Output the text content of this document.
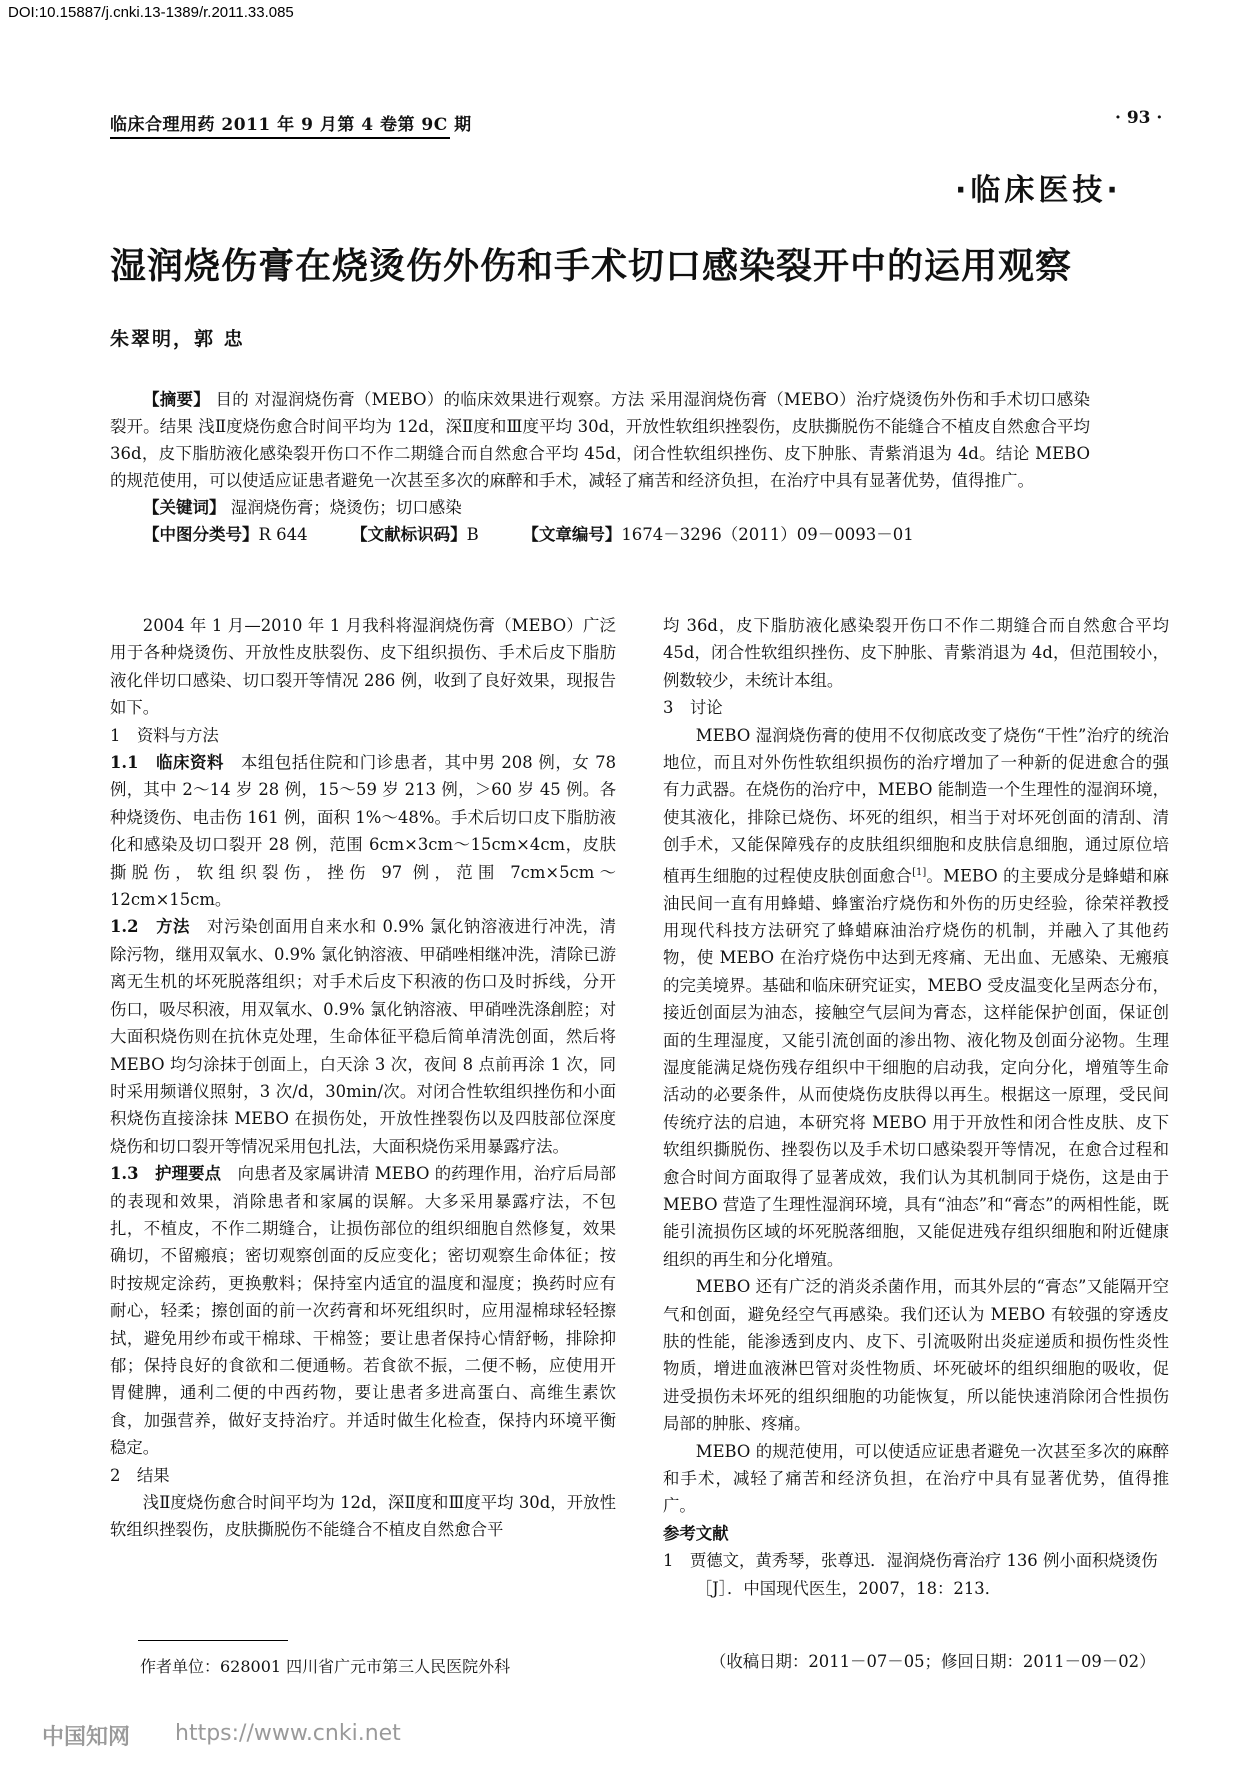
DOI:10.15887/j.cnki.13-1389/r.2011.33.085
临床合理用药 2011 年 9 月第 4 卷第 9C 期	· 93 ·
·临床医技·
湿润烧伤膏在烧烫伤外伤和手术切口感染裂开中的运用观察
朱翠明，郭 忠

【摘要】 目的 对湿润烧伤膏（MEBO）的临床效果进行观察。方法 采用湿润烧伤膏（MEBO）治疗烧烫伤外伤和手术切口感染裂开。结果 浅Ⅱ度烧伤愈合时间平均为 12d，深Ⅱ度和Ⅲ度平均 30d，开放性软组织挫裂伤，皮肤撕脱伤不能缝合不植皮自然愈合平均 36d，皮下脂肪液化感染裂开伤口不作二期缝合而自然愈合平均 45d，闭合性软组织挫伤、皮下肿胀、青紫消退为 4d。结论 MEBO 的规范使用，可以使适应证患者避免一次甚至多次的麻醉和手术，减轻了痛苦和经济负担，在治疗中具有显著优势，值得推广。

【关键词】 湿润烧伤膏；烧烫伤；切口感染
【中图分类号】R 644   	【文献标识码】B   	【文章编号】1674－3296（2011）09－0093－01

2004 年 1 月—2010 年 1 月我科将湿润烧伤膏（MEBO）广泛用于各种烧烫伤、开放性皮肤裂伤、皮下组织损伤、手术后皮下脂肪液化伴切口感染、切口裂开等情况 286 例，收到了良好效果，现报告如下。

1　资料与方法

1.1　临床资料　 本组包括住院和门诊患者，其中男 208 例，女 78 例，其中 2～14 岁 28 例，15～59 岁 213 例，＞60 岁 45 例。各种烧烫伤、电击伤 161 例，面积 1%～48%。手术后切口皮下脂肪液化和感染及切口裂开 28 例，范围 6cm×3cm～15cm×4cm，皮肤撕脱伤，软组织裂伤，挫伤 97 例，范围 7cm×5cm～12cm×15cm。

1.2　方法　 对污染创面用自来水和 0.9% 氯化钠溶液进行冲洗，清除污物，继用双氧水、0.9% 氯化钠溶液、甲硝唑相继冲洗，清除已游离无生机的坏死脱落组织；对手术后皮下积液的伤口及时拆线，分开伤口，吸尽积液，用双氧水、0.9% 氯化钠溶液、甲硝唑洗涤創腔；对大面积烧伤则在抗休克处理，生命体征平稳后简单清洗创面，然后将 MEBO 均匀涂抹于创面上，白天涂 3 次，夜间 8 点前再涂 1 次，同时采用频谱仪照射，3 次/d，30min/次。对闭合性软组织挫伤和小面积烧伤直接涂抹 MEBO 在损伤处，开放性挫裂伤以及四肢部位深度烧伤和切口裂开等情况采用包扎法，大面积烧伤采用暴露疗法。

1.3　护理要点　 向患者及家属讲清 MEBO 的药理作用，治疗后局部的表现和效果，消除患者和家属的误解。大多采用暴露疗法，不包扎，不植皮，不作二期缝合，让损伤部位的组织细胞自然修复，效果确切，不留瘢痕；密切观察创面的反应变化；密切观察生命体征；按时按规定涂药，更换敷料；保持室内适宜的温度和湿度；换药时应有耐心，轻柔；擦创面的前一次药膏和坏死组织时，应用湿棉球轻轻擦拭，避免用纱布或干棉球、干棉签；要让患者保持心情舒畅，排除抑郁；保持良好的食欲和二便通畅。若食欲不振，二便不畅，应使用开胃健脾，通利二便的中西药物，要让患者多进高蛋白、高维生素饮食，加强营养，做好支持治疗。并适时做生化检查，保持内环境平衡稳定。

2　结果

浅Ⅱ度烧伤愈合时间平均为 12d，深Ⅱ度和Ⅲ度平均 30d，开放性软组织挫裂伤，皮肤撕脱伤不能缝合不植皮自然愈合平

均 36d，皮下脂肪液化感染裂开伤口不作二期缝合而自然愈合平均 45d，闭合性软组织挫伤、皮下肿胀、青紫消退为 4d，但范围较小，例数较少，未统计本组。

3　讨论

MEBO 湿润烧伤膏的使用不仅彻底改变了烧伤“干性”治疗的统治地位，而且对外伤性软组织损伤的治疗增加了一种新的促进愈合的强有力武器。在烧伤的治疗中，MEBO 能制造一个生理性的湿润环境，使其液化，排除已烧伤、坏死的组织，相当于对坏死创面的清刮、清创手术，又能保障残存的皮肤组织细胞和皮肤信息细胞，通过原位培植再生细胞的过程使皮肤创面愈合[1]。MEBO 的主要成分是蜂蜡和麻油民间一直有用蜂蜡、蜂蜜治疗烧伤和外伤的历史经验，徐荣祥教授用现代科技方法研究了蜂蜡麻油治疗烧伤的机制，并融入了其他药物，使 MEBO 在治疗烧伤中达到无疼痛、无出血、无感染、无瘢痕的完美境界。基础和临床研究证实，MEBO 受皮温变化呈两态分布，接近创面层为油态，接触空气层间为膏态，这样能保护创面，保证创面的生理湿度，又能引流创面的渗出物、液化物及创面分泌物。生理湿度能满足烧伤残存组织中干细胞的启动我，定向分化，增殖等生命活动的必要条件，从而使烧伤皮肤得以再生。根据这一原理，受民间传统疗法的启迪，本研究将 MEBO 用于开放性和闭合性皮肤、皮下软组织撕脱伤、挫裂伤以及手术切口感染裂开等情况，在愈合过程和愈合时间方面取得了显著成效，我们认为其机制同于烧伤，这是由于 MEBO 营造了生理性湿润环境，具有“油态”和“膏态”的两相性能，既能引流损伤区域的坏死脱落细胞，又能促进残存组织细胞和附近健康组织的再生和分化增殖。

MEBO 还有广泛的消炎杀菌作用，而其外层的“膏态”又能隔开空气和创面，避免经空气再感染。我们还认为 MEBO 有较强的穿透皮肤的性能，能渗透到皮内、皮下、引流吸附出炎症递质和损伤性炎性物质，增进血液淋巴管对炎性物质、坏死破坏的组织细胞的吸收，促进受损伤未坏死的组织细胞的功能恢复，所以能快速消除闭合性损伤局部的肿胀、疼痛。

MEBO 的规范使用，可以使适应证患者避免一次甚至多次的麻醉和手术，减轻了痛苦和经济负担，在治疗中具有显著优势，值得推广。

参考文献

1　贾德文，黄秀琴，张尊迅．湿润烧伤膏治疗 136 例小面积烧烫伤

［J］．中国现代医生，2007，18：213．

作者单位：628001 四川省广元市第三人民医院外科	（收稿日期：2011－07－05；修回日期：2011－09－02）
中国知网 https://www.cnki.net
